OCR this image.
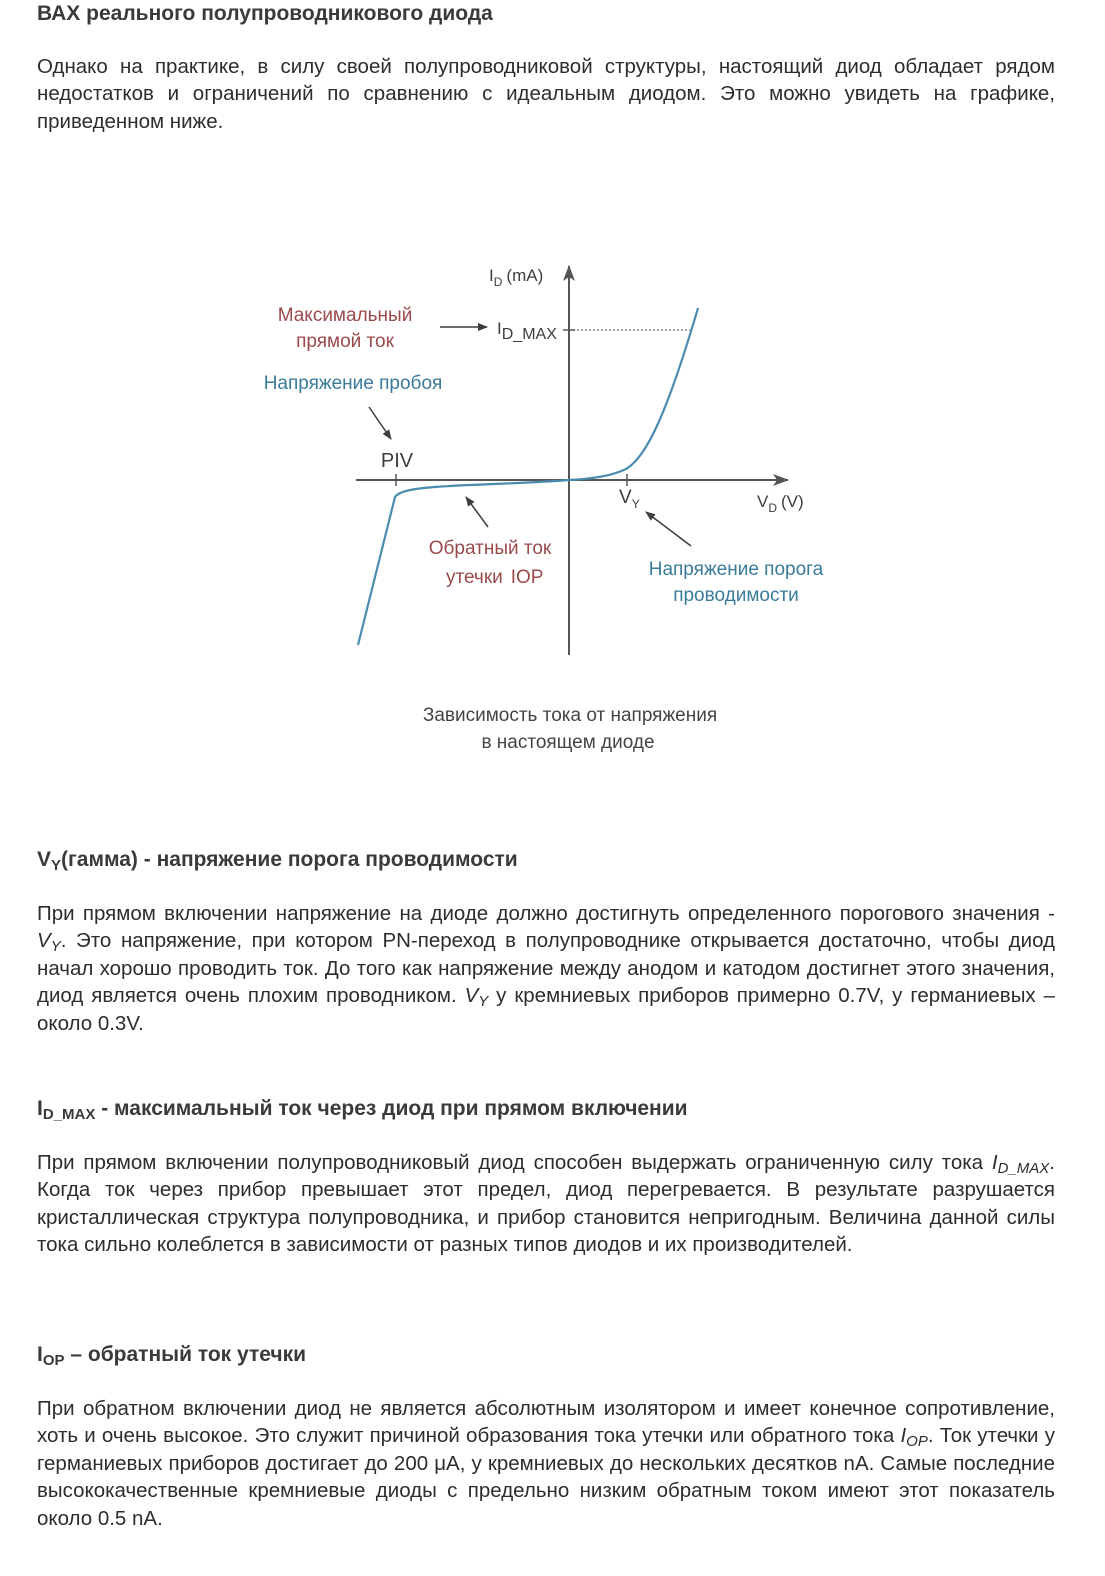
ВАХ реального полупроводникового диода

Однако на практике, в силу своей полупроводниковой структуры, настоящий диод обладает рядом недостатков и ограничений по сравнению с идеальным диодом. Это можно увидеть на графике, приведенном ниже.

$I_D$ (mA)
ID_MAX
Максимальный
прямой ток
Напряжение пробоя
PIV
Обратный ток
утечки IOP
$V_Y$	$V_D$ (V)
Напряжение порога
проводимости
Зависимость тока от напряжения
в настоящем диоде
$V_Y(гамма)$ - напряжение порога проводимости

При прямом включении напряжение на диоде должно достигнуть определенного порогового значения - $V_Y$. Это напряжение, при котором PN-переход в полупроводнике открывается достаточно, чтобы диод начал хорошо проводить ток. До того как напряжение между анодом и катодом достигнет этого значения, диод является очень плохим проводником. $V_Y$ у кремниевых приборов примерно 0.7V, у германиевых – около 0.3V.

$I_{D\_MAX}$ - максимальный ток через диод при прямом включении

При прямом включении полупроводниковый диод способен выдержать ограниченную силу тока $I_{D\_MAX}$. Когда ток через прибор превышает этот предел, диод перегревается. В результате разрушается кристаллическая структура полупроводника, и прибор становится непригодным. Величина данной силы тока сильно колеблется в зависимости от разных типов диодов и их производителей.

$I_{OP}$ – обратный ток утечки

При обратном включении диод не является абсолютным изолятором и имеет конечное сопротивление, хоть и очень высокое. Это служит причиной образования тока утечки или обратного тока $I_{OP}$. Ток утечки у германиевых приборов достигает до 200 μA, у кремниевых до нескольких десятков nA. Самые последние высококачественные кремниевые диоды с предельно низким обратным током имеют этот показатель около 0.5 nA.
